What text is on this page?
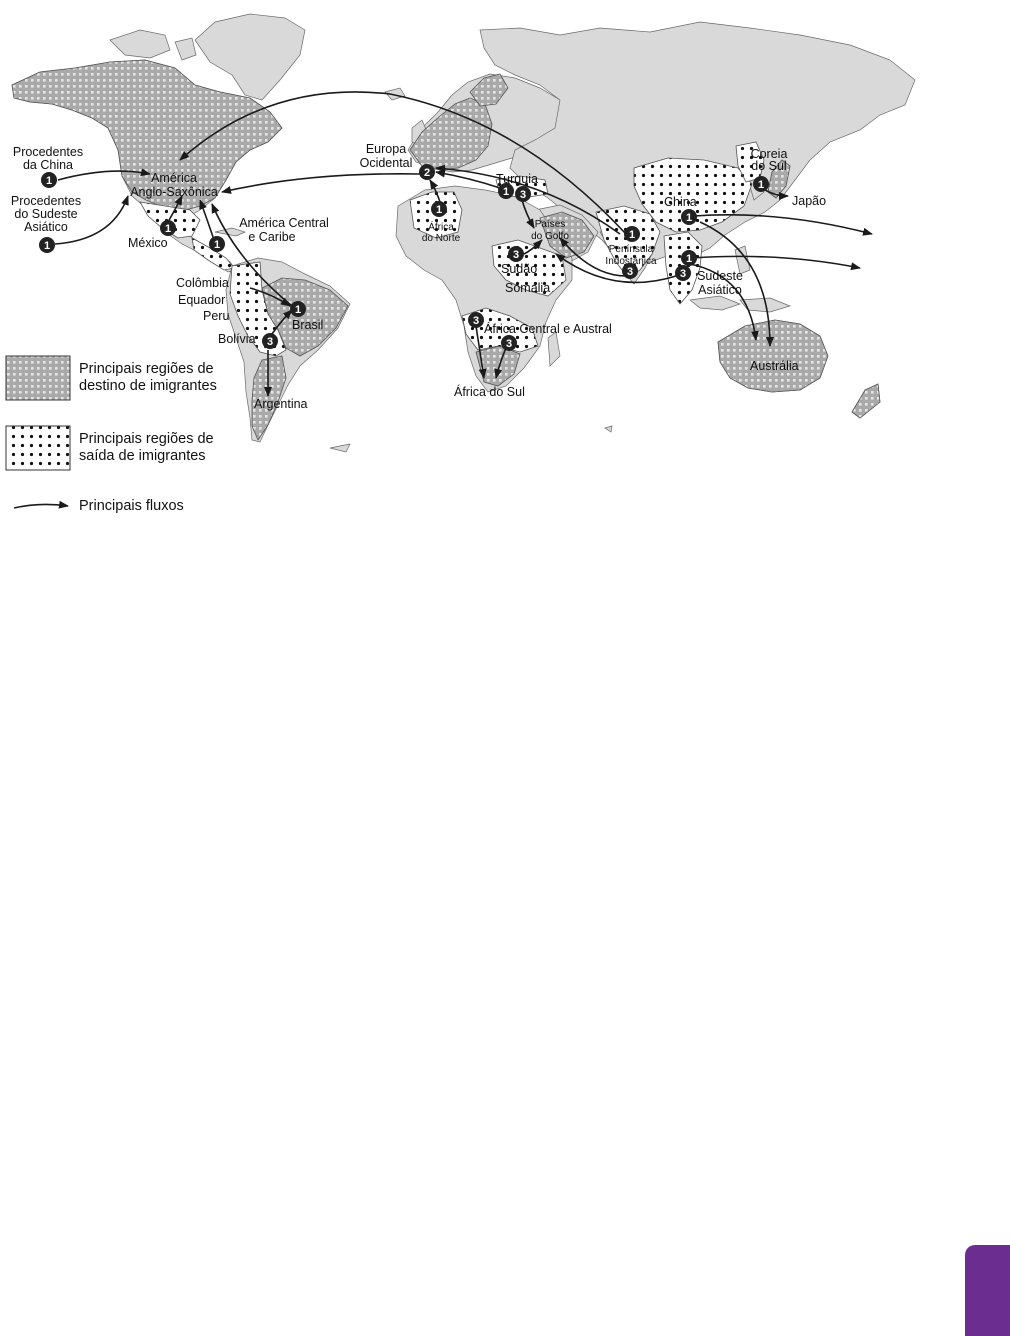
1
1
1
1
1
3
2
1
1 3
3
3
3
1
3
1
1
1
3
Procedentes da China
Procedentes do Sudeste Asiático
América Anglo-Saxônica
México
América Central e Caribe
Colômbia
Equador
Peru
Bolívia
Brasil
Argentina
Europa Ocidental
Turquia
África do Norte
Países do Golfo
Sudão
Somália
África Central e Austral
África do Sul
Península Indostânica
China
Coreia do Sul
Japão
Sudeste Asiático
Austrália
Principais regiões de destino de imigrantes
Principais regiões de saída de imigrantes
Principais fluxos
